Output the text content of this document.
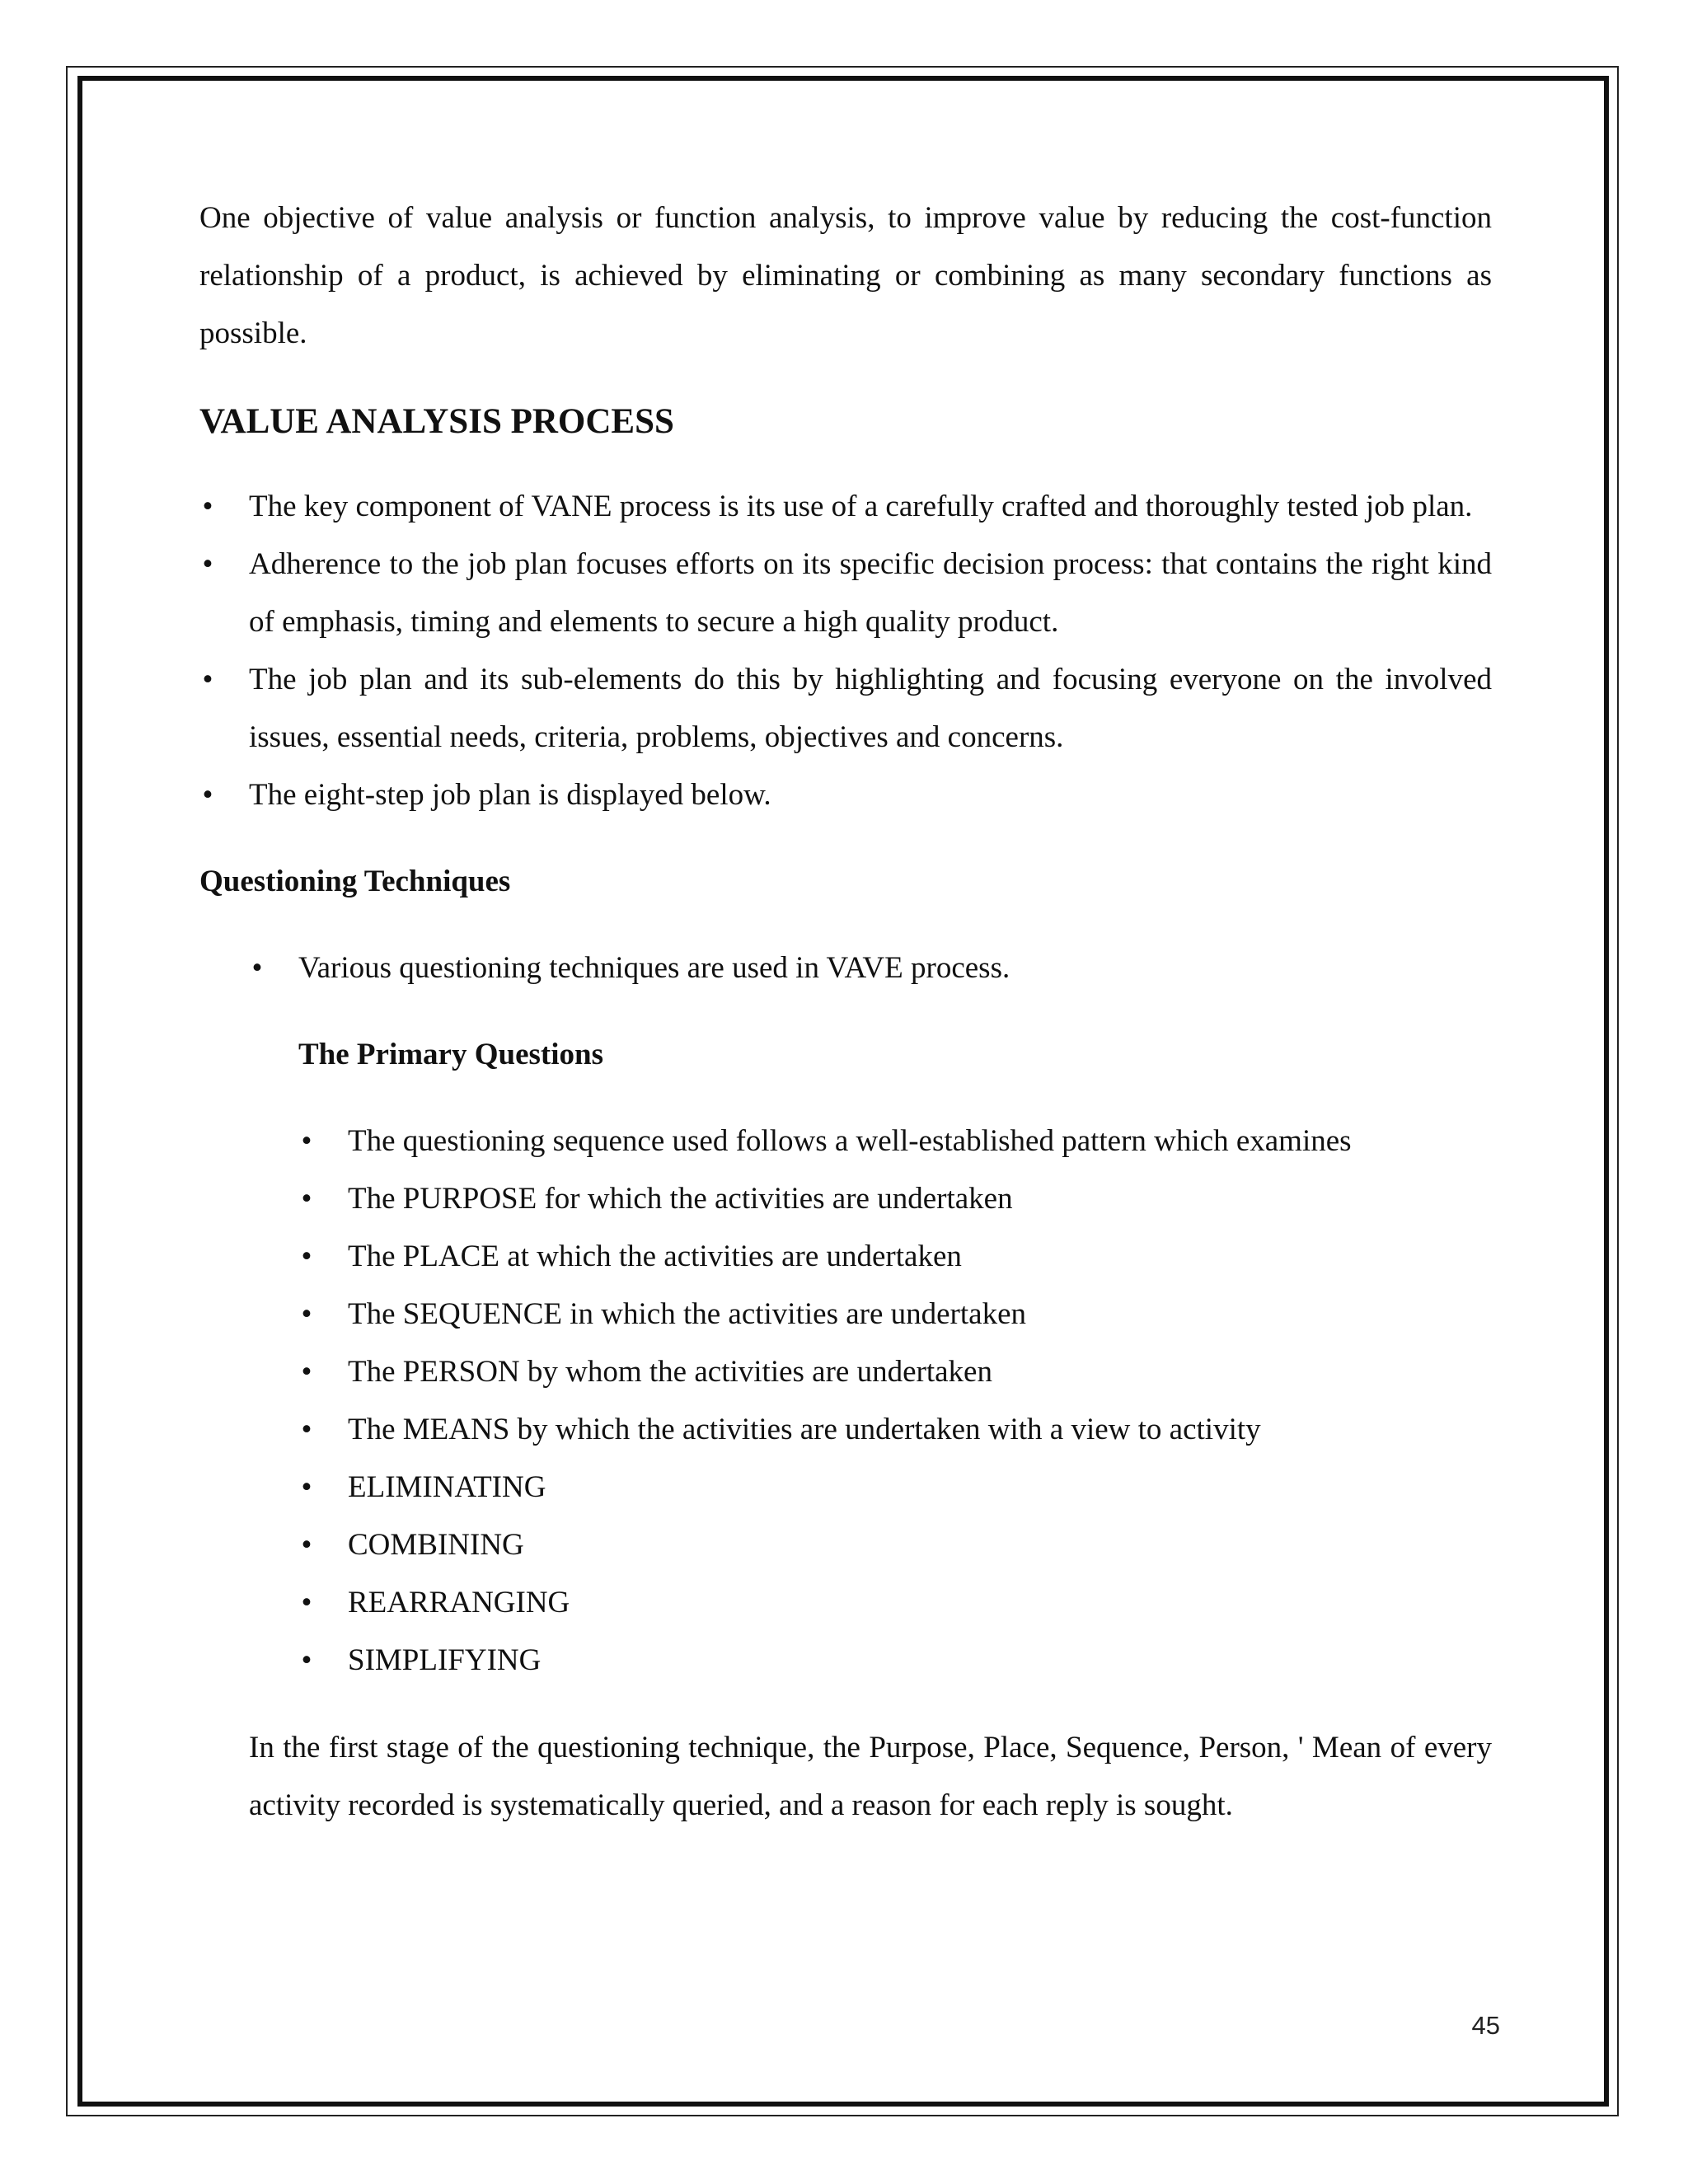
One objective of value analysis or function analysis, to improve value by reducing the cost-function relationship of a product, is achieved by eliminating or combining as many secondary functions as possible.

VALUE ANALYSIS PROCESS
• The key component of VANE process is its use of a carefully crafted and thoroughly tested job plan.
• Adherence to the job plan focuses efforts on its specific decision process: that contains the right kind of emphasis, timing and elements to secure a high quality product.
• The job plan and its sub-elements do this by highlighting and focusing everyone on the involved issues, essential needs, criteria, problems, objectives and concerns.
• The eight-step job plan is displayed below.
Questioning Techniques
• Various questioning techniques are used in VAVE process.
The Primary Questions
• The questioning sequence used follows a well-established pattern which examines
• The PURPOSE for which the activities are undertaken
• The PLACE at which the activities are undertaken
• The SEQUENCE in which the activities are undertaken
• The PERSON by whom the activities are undertaken
• The MEANS by which the activities are undertaken with a view to activity
• ELIMINATING
• COMBINING
• REARRANGING
• SIMPLIFYING

In the first stage of the questioning technique, the Purpose, Place, Sequence, Person, ' Mean of every activity recorded is systematically queried, and a reason for each reply is sought.

45
